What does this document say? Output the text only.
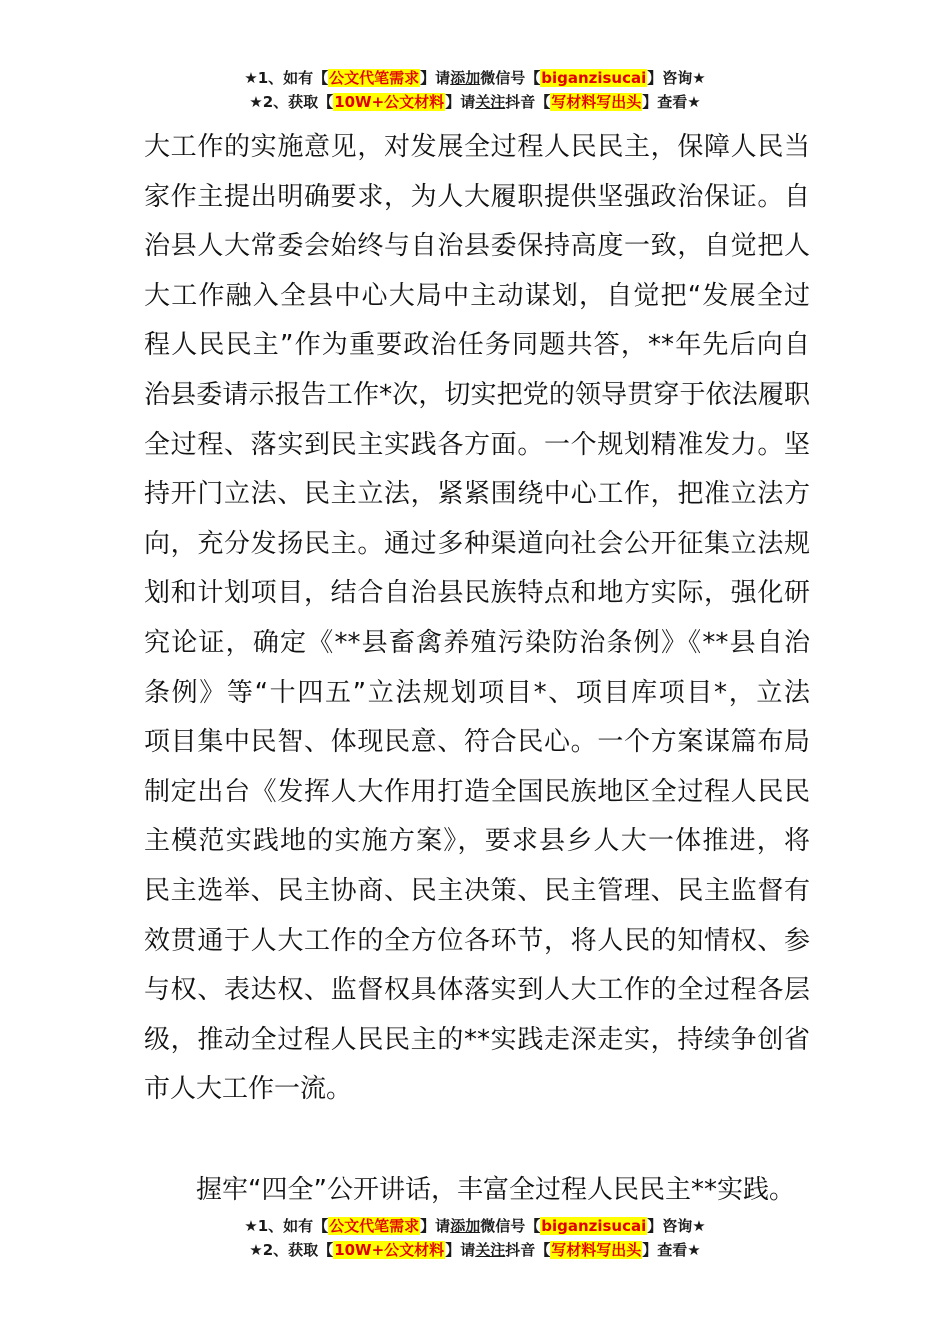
★1、如有【公文代笔需求】请添加微信号【biganzisucai】咨询★
★2、获取【10W+公文材料】请关注抖音【写材料写出头】查看★
大工作的实施意见，对发展全过程人民民主，保障人民当
家作主提出明确要求，为人大履职提供坚强政治保证。自
治县人大常委会始终与自治县委保持高度一致，自觉把人
大工作融入全县中心大局中主动谋划，自觉把“发展全过
程人民民主”作为重要政治任务同题共答，**年先后向自
治县委请示报告工作*次，切实把党的领导贯穿于依法履职
全过程、落实到民主实践各方面。一个规划精准发力。坚
持开门立法、民主立法，紧紧围绕中心工作，把准立法方
向，充分发扬民主。通过多种渠道向社会公开征集立法规
划和计划项目，结合自治县民族特点和地方实际，强化研
究论证，确定《**县畜禽养殖污染防治条例》《**县自治
条例》等“十四五”立法规划项目*、项目库项目*，立法
项目集中民智、体现民意、符合民心。一个方案谋篇布局
制定出台《发挥人大作用打造全国民族地区全过程人民民
主模范实践地的实施方案》，要求县乡人大一体推进，将
民主选举、民主协商、民主决策、民主管理、民主监督有
效贯通于人大工作的全方位各环节，将人民的知情权、参
与权、表达权、监督权具体落实到人大工作的全过程各层
级，推动全过程人民民主的**实践走深走实，持续争创省
市人大工作一流。
握牢“四全”公开讲话，丰富全过程人民民主**实践。
★1、如有【公文代笔需求】请添加微信号【biganzisucai】咨询★
★2、获取【10W+公文材料】请关注抖音【写材料写出头】查看★
